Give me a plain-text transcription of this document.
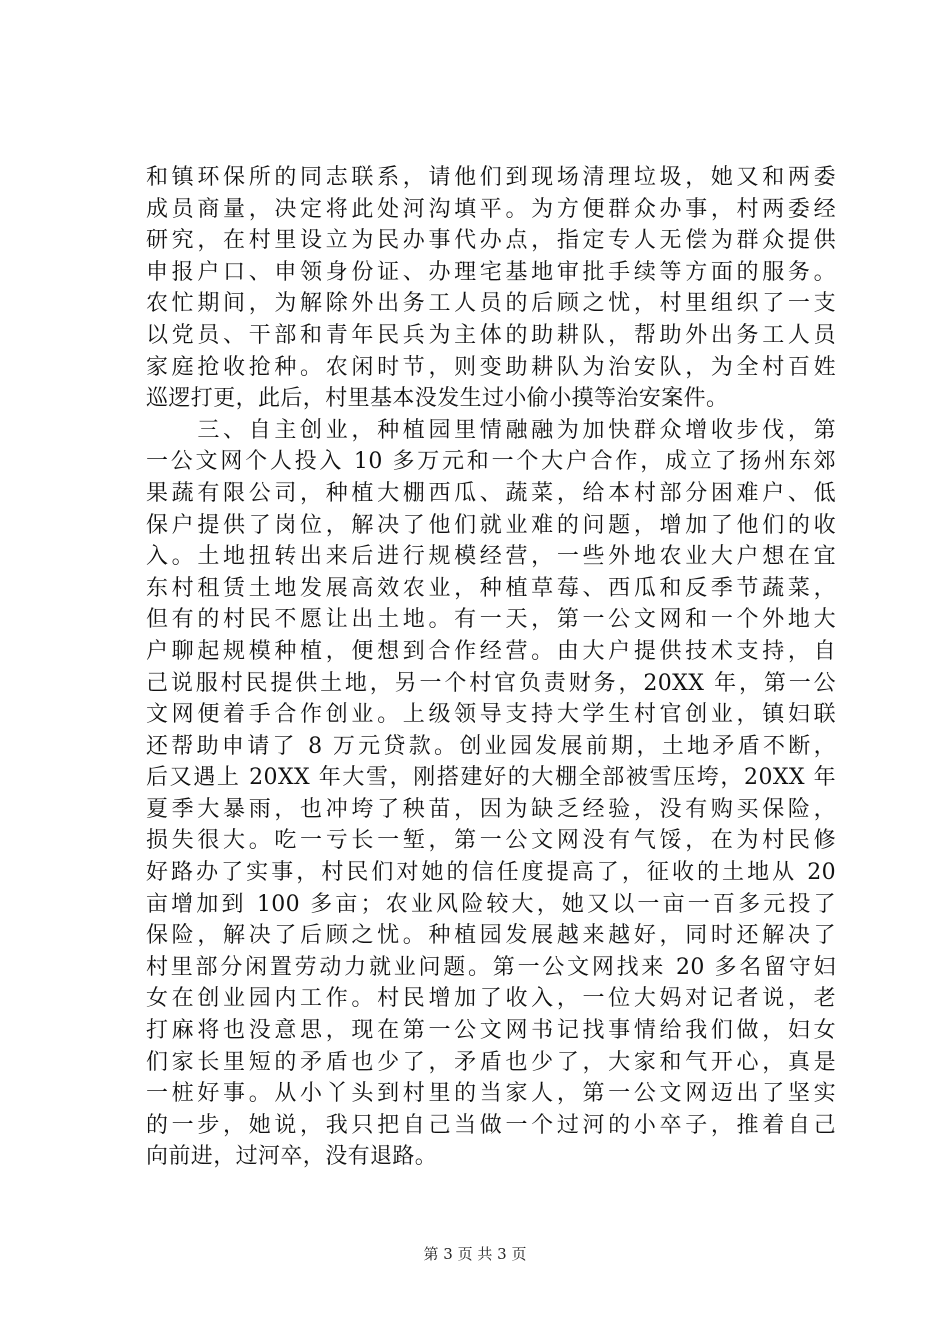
和镇环保所的同志联系，请他们到现场清理垃圾，她又和两委
成员商量，决定将此处河沟填平。为方便群众办事，村两委经
研究，在村里设立为民办事代办点，指定专人无偿为群众提供
申报户口、申领身份证、办理宅基地审批手续等方面的服务。
农忙期间，为解除外出务工人员的后顾之忧，村里组织了一支
以党员、干部和青年民兵为主体的助耕队，帮助外出务工人员
家庭抢收抢种。农闲时节，则变助耕队为治安队，为全村百姓
巡逻打更，此后，村里基本没发生过小偷小摸等治安案件。
　　三、自主创业，种植园里情融融为加快群众增收步伐，第
一公文网个人投入 10 多万元和一个大户合作，成立了扬州东郊
果蔬有限公司，种植大棚西瓜、蔬菜，给本村部分困难户、低
保户提供了岗位，解决了他们就业难的问题，增加了他们的收
入。土地扭转出来后进行规模经营，一些外地农业大户想在宜
东村租赁土地发展高效农业，种植草莓、西瓜和反季节蔬菜，
但有的村民不愿让出土地。有一天，第一公文网和一个外地大
户聊起规模种植，便想到合作经营。由大户提供技术支持，自
己说服村民提供土地，另一个村官负责财务，20XX 年，第一公
文网便着手合作创业。上级领导支持大学生村官创业，镇妇联
还帮助申请了 8 万元贷款。创业园发展前期，土地矛盾不断，
后又遇上 20XX 年大雪，刚搭建好的大棚全部被雪压垮，20XX 年
夏季大暴雨，也冲垮了秧苗，因为缺乏经验，没有购买保险，
损失很大。吃一亏长一堑，第一公文网没有气馁，在为村民修
好路办了实事，村民们对她的信任度提高了，征收的土地从 20
亩增加到 100 多亩；农业风险较大，她又以一亩一百多元投了
保险，解决了后顾之忧。种植园发展越来越好，同时还解决了
村里部分闲置劳动力就业问题。第一公文网找来 20 多名留守妇
女在创业园内工作。村民增加了收入，一位大妈对记者说，老
打麻将也没意思，现在第一公文网书记找事情给我们做，妇女
们家长里短的矛盾也少了，矛盾也少了，大家和气开心，真是
一桩好事。从小丫头到村里的当家人，第一公文网迈出了坚实
的一步，她说，我只把自己当做一个过河的小卒子，推着自己
向前进，过河卒，没有退路。
第 3 页 共 3 页
